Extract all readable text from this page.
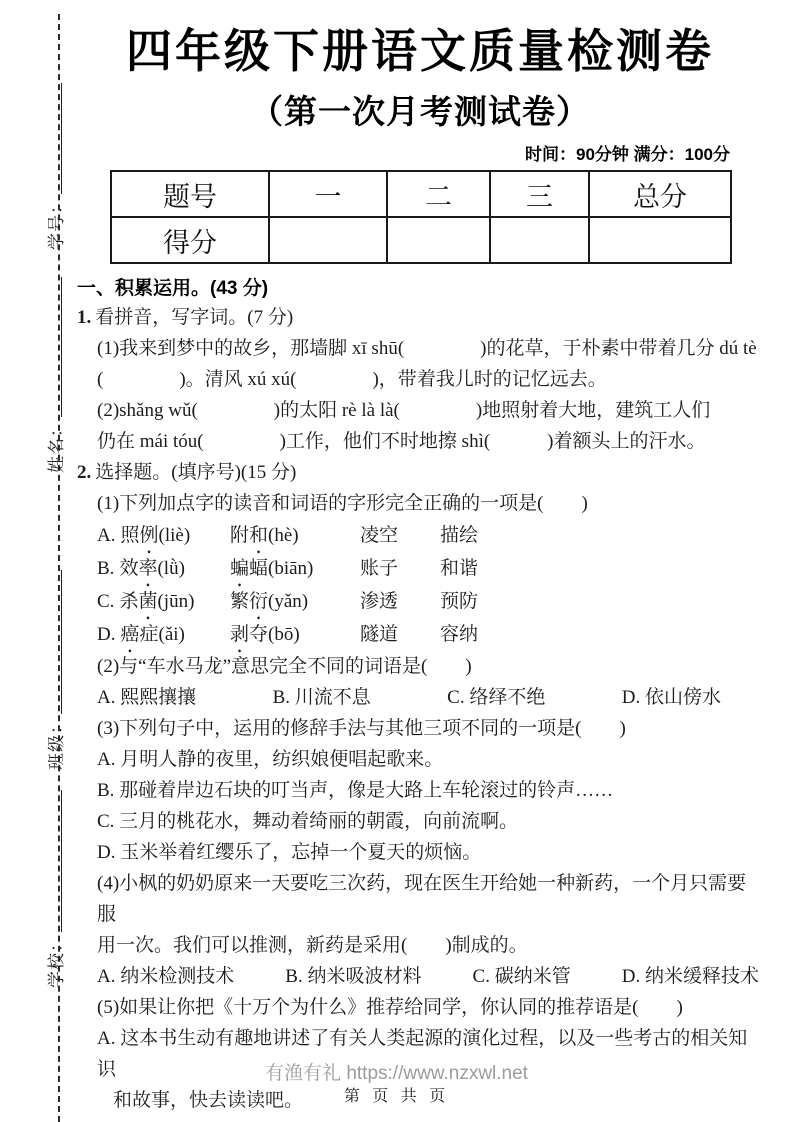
学号：
姓名：
班级：
学校：
四年级下册语文质量检测卷
（第一次月考测试卷）
时间：90分钟 满分：100分
题号	一	二	三	总分
得分				
一、积累运用。(43 分)
1. 看拼音，写字词。(7 分)
(1)我来到梦中的故乡，那墙脚 xī shū(　　　　)的花草，于朴素中带着几分 dú tè
(　　　　)。清风 xú xú(　　　　)，带着我儿时的记忆远去。
(2)shǎng wǔ(　　　　)的太阳 rè là là(　　　　)地照射着大地，建筑工人们
仍在 mái tóu(　　　　)工作，他们不时地擦 shì(　　　)着额头上的汗水。
2. 选择题。(填序号)(15 分)
(1)下列加点字的读音和词语的字形完全正确的一项是(　　)
A. 照例(liè)	附和(hè)	凌空	描绘
B. 效率(lǜ)	蝙蝠(biān)	账子	和谐
C. 杀菌(jūn)	繁衍(yǎn)	渗透	预防
D. 癌症(ǎi)	剥夺(bō)	隧道	容纳
(2)与“车水马龙”意思完全不同的词语是(　　)
A. 熙熙攘攘	B. 川流不息	C. 络绎不绝	D. 依山傍水
(3)下列句子中，运用的修辞手法与其他三项不同的一项是(　　)
A. 月明人静的夜里，纺织娘便唱起歌来。
B. 那碰着岸边石块的叮当声，像是大路上车轮滚过的铃声……
C. 三月的桃花水，舞动着绮丽的朝霞，向前流啊。
D. 玉米举着红缨乐了，忘掉一个夏天的烦恼。
(4)小枫的奶奶原来一天要吃三次药，现在医生开给她一种新药，一个月只需要服
用一次。我们可以推测，新药是采用(　　)制成的。
A. 纳米检测技术	B. 纳米吸波材料	C. 碳纳米管	D. 纳米缓释技术
(5)如果让你把《十万个为什么》推荐给同学，你认同的推荐语是(　　)
A. 这本书生动有趣地讲述了有关人类起源的演化过程，以及一些考古的相关知识
和故事，快去读读吧。
有渔有礼 https://www.nzxwl.net
第 页 共 页
